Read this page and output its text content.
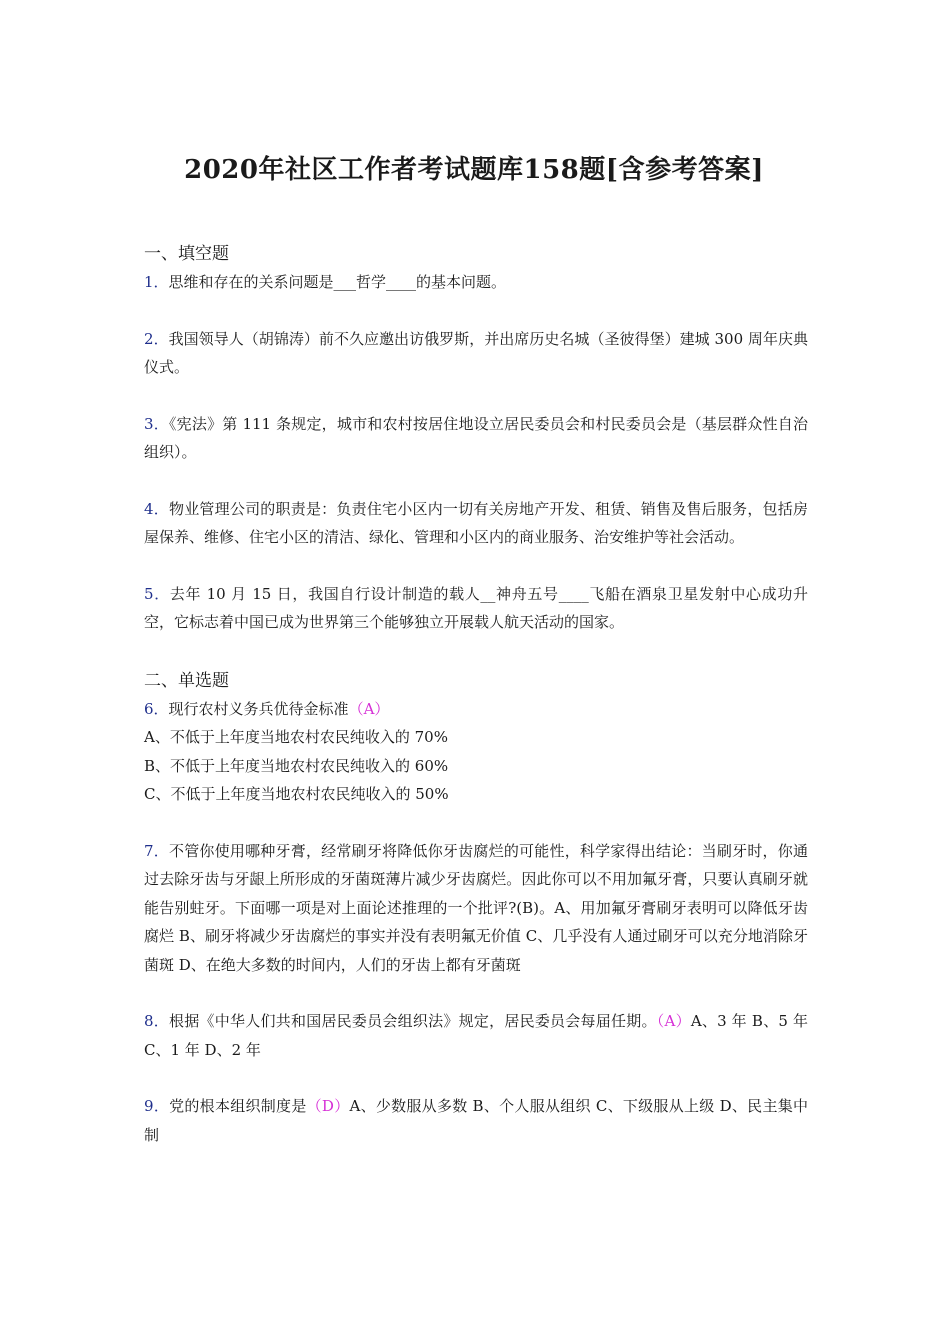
2020年社区工作者考试题库158题[含参考答案]

一、填空题

1．思维和存在的关系问题是___哲学____的基本问题。

2．我国领导人（胡锦涛）前不久应邀出访俄罗斯，并出席历史名城（圣彼得堡）建城 300 周年庆典仪式。

3．《宪法》第 111 条规定，城市和农村按居住地设立居民委员会和村民委员会是（基层群众性自治组织）。

4．物业管理公司的职责是：负责住宅小区内一切有关房地产开发、租赁、销售及售后服务，包括房屋保养、维修、住宅小区的清洁、绿化、管理和小区内的商业服务、治安维护等社会活动。

5．去年 10 月 15 日，我国自行设计制造的载人__神舟五号____飞船在酒泉卫星发射中心成功升空，它标志着中国已成为世界第三个能够独立开展载人航天活动的国家。

二、单选题

6．现行农村义务兵优待金标准（A）

A、不低于上年度当地农村农民纯收入的 70%

B、不低于上年度当地农村农民纯收入的 60%

C、不低于上年度当地农村农民纯收入的 50%

7．不管你使用哪种牙膏，经常刷牙将降低你牙齿腐烂的可能性，科学家得出结论：当刷牙时，你通过去除牙齿与牙龈上所形成的牙菌斑薄片减少牙齿腐烂。因此你可以不用加氟牙膏，只要认真刷牙就能告别蛀牙。下面哪一项是对上面论述推理的一个批评?(B)。A、用加氟牙膏刷牙表明可以降低牙齿腐烂 B、刷牙将减少牙齿腐烂的事实并没有表明氟无价值 C、几乎没有人通过刷牙可以充分地消除牙菌斑 D、在绝大多数的时间内，人们的牙齿上都有牙菌斑

8．根据《中华人们共和国居民委员会组织法》规定，居民委员会每届任期。（A）A、3 年 B、5 年 C、1 年 D、2 年

9．党的根本组织制度是（D）A、少数服从多数 B、个人服从组织 C、下级服从上级 D、民主集中制
